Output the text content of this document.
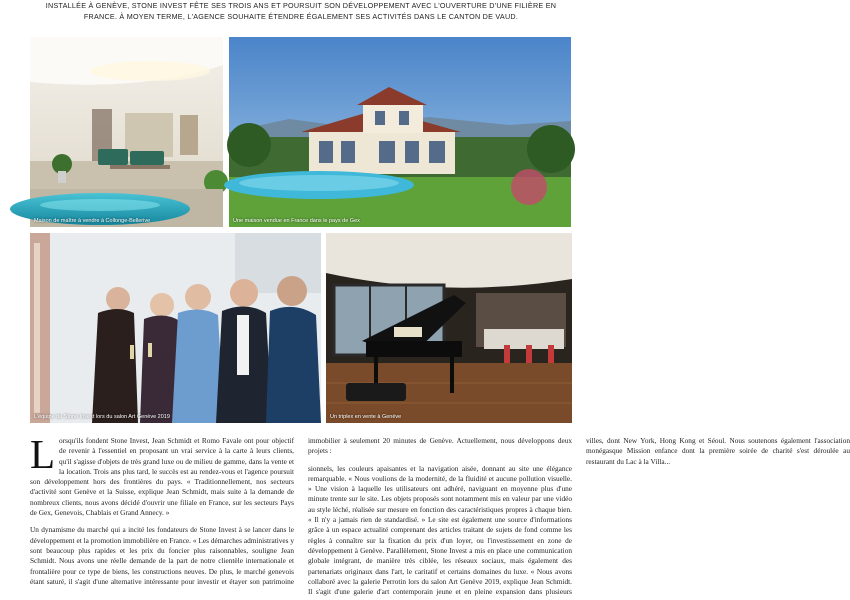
INSTALLÉE À GENÈVE, STONE INVEST FÊTE SES TROIS ANS ET POURSUIT SON DÉVELOPPEMENT AVEC L'OUVERTURE D'UNE FILIÈRE EN FRANCE. À MOYEN TERME, L'AGENCE SOUHAITE ÉTENDRE ÉGALEMENT SES ACTIVITÉS DANS LE CANTON DE VAUD.
Maison de maître à vendre à Collonge-Bellerive	Une maison vendue en France dans le pays de Gex
L'équipe de Stone Invest lors du salon Art Genève 2019	Un triplex en vente à Genève

Lorsqu'ils fondent Stone Invest, Jean Schmidt et Romo Favale ont pour objectif de revenir à l'essentiel en proposant un vrai service à la carte à leurs clients, qu'il s'agisse d'objets de très grand luxe ou de milieu de gamme, dans la vente et la location. Trois ans plus tard, le succès est au rendez-vous et l'agence poursuit son développement hors des frontières du pays. « Traditionnellement, nos secteurs d'activité sont Genève et la Suisse, explique Jean Schmidt, mais suite à la demande de nombreux clients, nous avons décidé d'ouvrir une filiale en France, sur les secteurs Pays de Gex, Genevois, Chablais et Grand Annecy. »

Un dynamisme du marché qui a incité les fondateurs de Stone Invest à se lancer dans le développement et la promotion immobilière en France. « Les démarches administratives y sont beaucoup plus rapides et les prix du foncier plus raisonnables, souligne Jean Schmidt. Nous avons une réelle demande de la part de notre clientèle internationale et frontalière pour ce type de biens, les constructions neuves. De plus, le marché genevois étant saturé, il s'agit d'une alternative intéressante pour investir et étayer son patrimoine immobilier à seulement 20 minutes de Genève. Actuellement, nous développons deux projets :

sionnels, les couleurs apaisantes et la navigation aisée, donnant au site une élégance remarquable. « Nous voulions de la modernité, de la fluidité et aucune pollution visuelle. » Une vision à laquelle les utilisateurs ont adhéré, naviguant en moyenne plus d'une minute trente sur le site. Les objets proposés sont notamment mis en valeur par une vidéo au style léché, réalisée sur mesure en fonction des caractéristiques propres à chaque bien. « Il n'y a jamais rien de standardisé. » Le site est également une source d'informations grâce à un espace actualité comprenant des articles traitant de sujets de fond comme les règles à connaître sur la fixation du prix d'un loyer, ou l'investissement en zone de développement à Genève. Parallèlement, Stone Invest a mis en place une communication globale intégrant, de manière très ciblée, les réseaux sociaux, mais également des partenariats originaux dans l'art, le caritatif et certains domaines du luxe. « Nous avons collaboré avec la galerie Perrotin lors du salon Art Genève 2019, explique Jean Schmidt. Il s'agit d'une galerie d'art contemporain jeune et en pleine expansion dans plusieurs villes, dont New York, Hong Kong et Séoul. Nous soutenons également l'association monégasque Mission enfance dont la première soirée de charité s'est déroulée au restaurant du Lac à la Villa...
